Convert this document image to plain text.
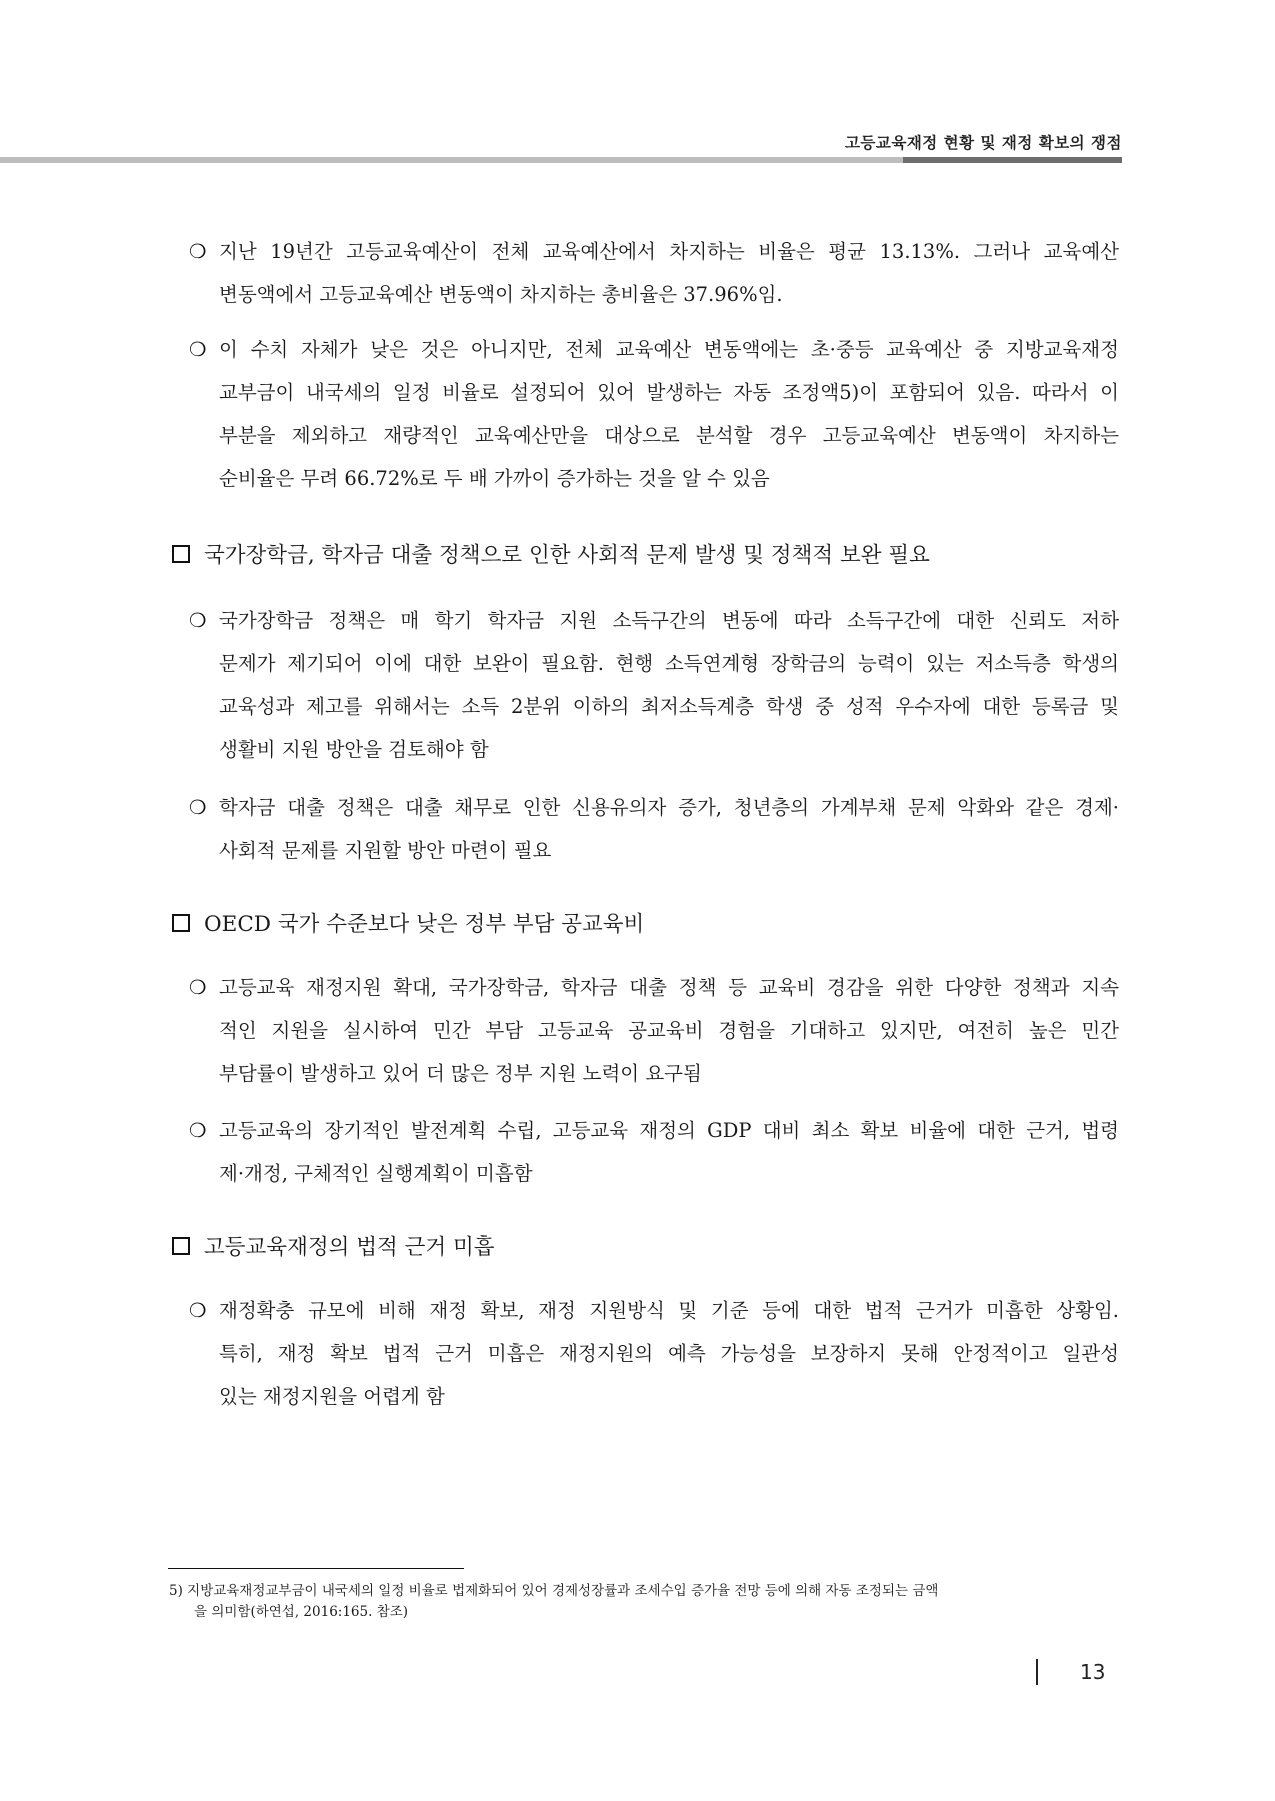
고등교육재정 현황 및 재정 확보의 쟁점
❍ 지난 19년간 고등교육예산이 전체 교육예산에서 차지하는 비율은 평균 13.13%. 그러나 교육예산
변동액에서 고등교육예산 변동액이 차지하는 총비율은 37.96%임.
❍ 이 수치 자체가 낮은 것은 아니지만, 전체 교육예산 변동액에는 초·중등 교육예산 중 지방교육재정
교부금이 내국세의 일정 비율로 설정되어 있어 발생하는 자동 조정액5)이 포함되어 있음. 따라서 이
부분을 제외하고 재량적인 교육예산만을 대상으로 분석할 경우 고등교육예산 변동액이 차지하는
순비율은 무려 66.72%로 두 배 가까이 증가하는 것을 알 수 있음
국가장학금, 학자금 대출 정책으로 인한 사회적 문제 발생 및 정책적 보완 필요
❍ 국가장학금 정책은 매 학기 학자금 지원 소득구간의 변동에 따라 소득구간에 대한 신뢰도 저하
문제가 제기되어 이에 대한 보완이 필요함. 현행 소득연계형 장학금의 능력이 있는 저소득층 학생의
교육성과 제고를 위해서는 소득 2분위 이하의 최저소득계층 학생 중 성적 우수자에 대한 등록금 및
생활비 지원 방안을 검토해야 함
❍ 학자금 대출 정책은 대출 채무로 인한 신용유의자 증가, 청년층의 가계부채 문제 악화와 같은 경제·
사회적 문제를 지원할 방안 마련이 필요
OECD 국가 수준보다 낮은 정부 부담 공교육비
❍ 고등교육 재정지원 확대, 국가장학금, 학자금 대출 정책 등 교육비 경감을 위한 다양한 정책과 지속
적인 지원을 실시하여 민간 부담 고등교육 공교육비 경험을 기대하고 있지만, 여전히 높은 민간
부담률이 발생하고 있어 더 많은 정부 지원 노력이 요구됨
❍ 고등교육의 장기적인 발전계획 수립, 고등교육 재정의 GDP 대비 최소 확보 비율에 대한 근거, 법령
제·개정, 구체적인 실행계획이 미흡함
고등교육재정의 법적 근거 미흡
❍ 재정확충 규모에 비해 재정 확보, 재정 지원방식 및 기준 등에 대한 법적 근거가 미흡한 상황임.
특히, 재정 확보 법적 근거 미흡은 재정지원의 예측 가능성을 보장하지 못해 안정적이고 일관성
있는 재정지원을 어렵게 함
5) 지방교육재정교부금이 내국세의 일정 비율로 법제화되어 있어 경제성장률과 조세수입 증가율 전망 등에 의해 자동 조정되는 금액
을 의미함(하연섭, 2016:165. 참조)
13
